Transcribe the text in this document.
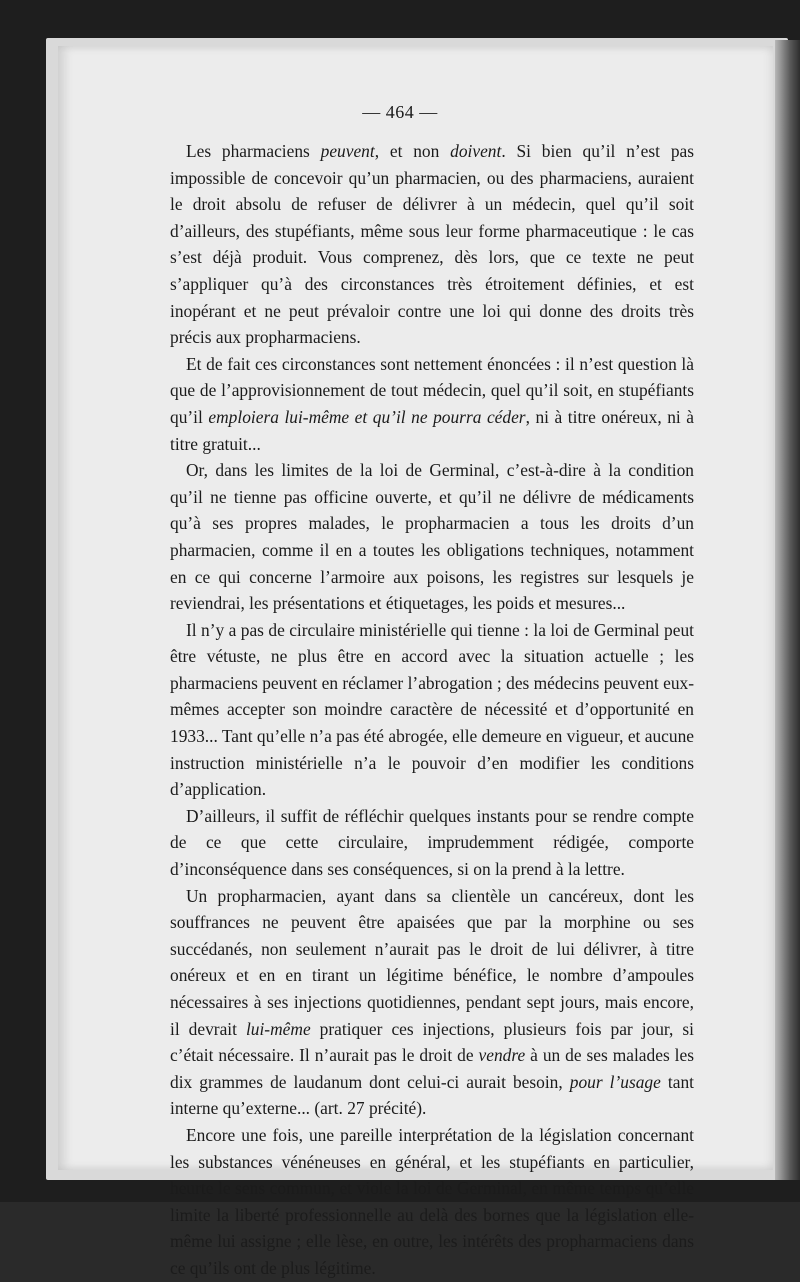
— 464 —

Les pharmaciens peuvent, et non doivent. Si bien qu’il n’est pas impossible de concevoir qu’un pharmacien, ou des pharmaciens, auraient le droit absolu de refuser de délivrer à un médecin, quel qu’il soit d’ailleurs, des stupéfiants, même sous leur forme pharmaceutique : le cas s’est déjà produit. Vous comprenez, dès lors, que ce texte ne peut s’appliquer qu’à des circonstances très étroitement définies, et est inopérant et ne peut prévaloir contre une loi qui donne des droits très précis aux propharmaciens.

Et de fait ces circonstances sont nettement énoncées : il n’est question là que de l’approvisionnement de tout médecin, quel qu’il soit, en stupéfiants qu’il emploiera lui-même et qu’il ne pourra céder, ni à titre onéreux, ni à titre gratuit...

Or, dans les limites de la loi de Germinal, c’est-à-dire à la condition qu’il ne tienne pas officine ouverte, et qu’il ne délivre de médicaments qu’à ses propres malades, le propharmacien a tous les droits d’un pharmacien, comme il en a toutes les obligations techniques, notamment en ce qui concerne l’armoire aux poisons, les registres sur lesquels je reviendrai, les présentations et étiquetages, les poids et mesures...

Il n’y a pas de circulaire ministérielle qui tienne : la loi de Germinal peut être vétuste, ne plus être en accord avec la situation actuelle ; les pharmaciens peuvent en réclamer l’abrogation ; des médecins peuvent eux-mêmes accepter son moindre caractère de nécessité et d’opportunité en 1933... Tant qu’elle n’a pas été abrogée, elle demeure en vigueur, et aucune instruction ministérielle n’a le pouvoir d’en modifier les conditions d’application.

D’ailleurs, il suffit de réfléchir quelques instants pour se rendre compte de ce que cette circulaire, imprudemment rédigée, comporte d’inconséquence dans ses conséquences, si on la prend à la lettre.

Un propharmacien, ayant dans sa clientèle un cancéreux, dont les souffrances ne peuvent être apaisées que par la morphine ou ses succédanés, non seulement n’aurait pas le droit de lui délivrer, à titre onéreux et en en tirant un légitime bénéfice, le nombre d’ampoules nécessaires à ses injections quotidiennes, pendant sept jours, mais encore, il devrait lui-même pratiquer ces injections, plusieurs fois par jour, si c’était nécessaire. Il n’aurait pas le droit de vendre à un de ses malades les dix grammes de laudanum dont celui-ci aurait besoin, pour l’usage tant interne qu’externe... (art. 27 précité).

Encore une fois, une pareille interprétation de la législation concernant les substances vénéneuses en général, et les stupéfiants en particulier, heurte le sens commun, et viole la loi de Germinal, en même temps qu’elle limite la liberté professionnelle au delà des bornes que la législation elle-même lui assigne ; elle lèse, en outre, les intérêts des propharmaciens dans ce qu’ils ont de plus légitime.
